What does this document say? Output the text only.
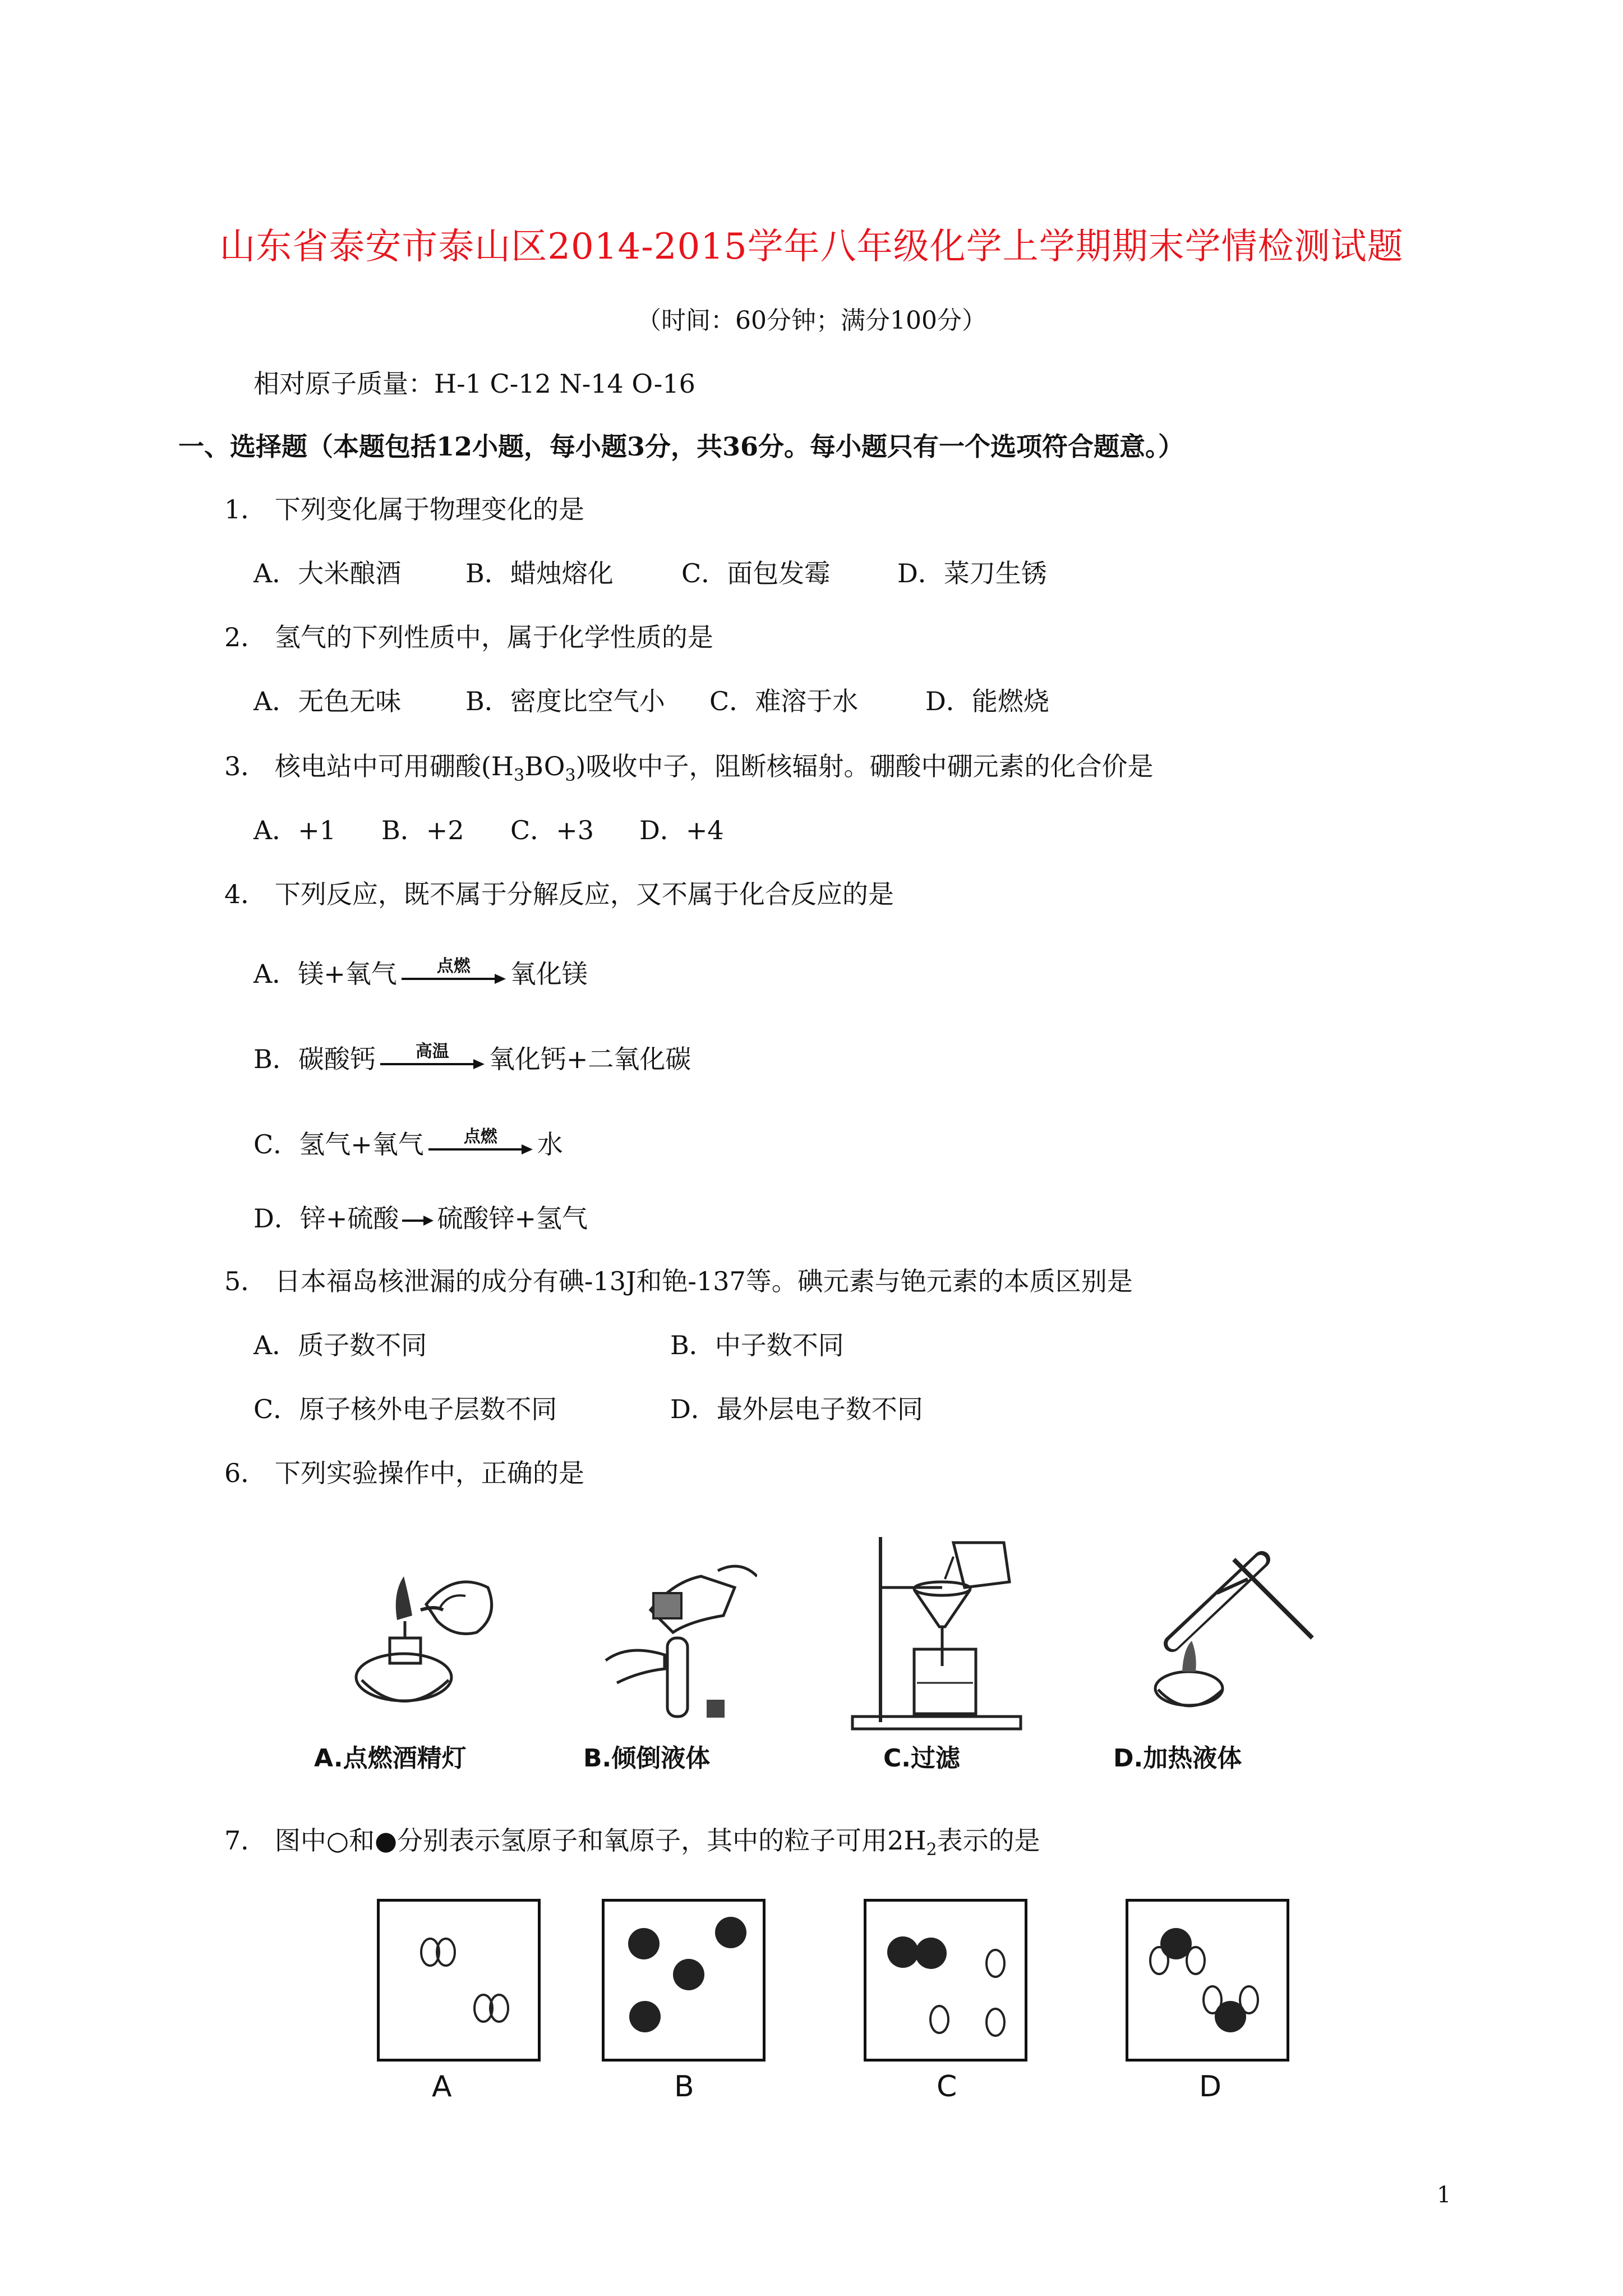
山东省泰安市泰山区2014-2015学年八年级化学上学期期末学情检测试题
（时间：60分钟；满分100分）
相对原子质量：H-1 C-12 N-14 O-16
一、选择题（本题包括12小题，每小题3分，共36分。每小题只有一个选项符合题意。）
1． 下列变化属于物理变化的是
A．大米酿酒 B．蜡烛熔化	C．面包发霉	D．菜刀生锈
2． 氢气的下列性质中，属于化学性质的是
A．无色无味 B．密度比空气小 C．难溶于水	D．能燃烧
3． 核电站中可用硼酸$(H_3BO_3)$吸收中子，阻断核辐射。硼酸中硼元素的化合价是
A．+1 B．+2 C．+3 D．+4
4． 下列反应，既不属于分解反应，又不属于化合反应的是
A．镁+氧气	点燃	氧化镁
B．碳酸钙	高温	氧化钙+二氧化碳
C．氢气+氧气	点燃	水
D．锌+硫酸 硫酸锌+氢气
5． 日本福岛核泄漏的成分有碘-13J和铯-137等。碘元素与铯元素的本质区别是
A．质子数不同	B．中子数不同
C．原子核外电子层数不同	D．最外层电子数不同
6． 下列实验操作中，正确的是
A.点燃酒精灯	B.倾倒液体	C.过滤	D.加热液体
7． 图中○和●分别表示氢原子和氧原子，其中的粒子可用$2H_2$表示的是
A	B	C	D
1
